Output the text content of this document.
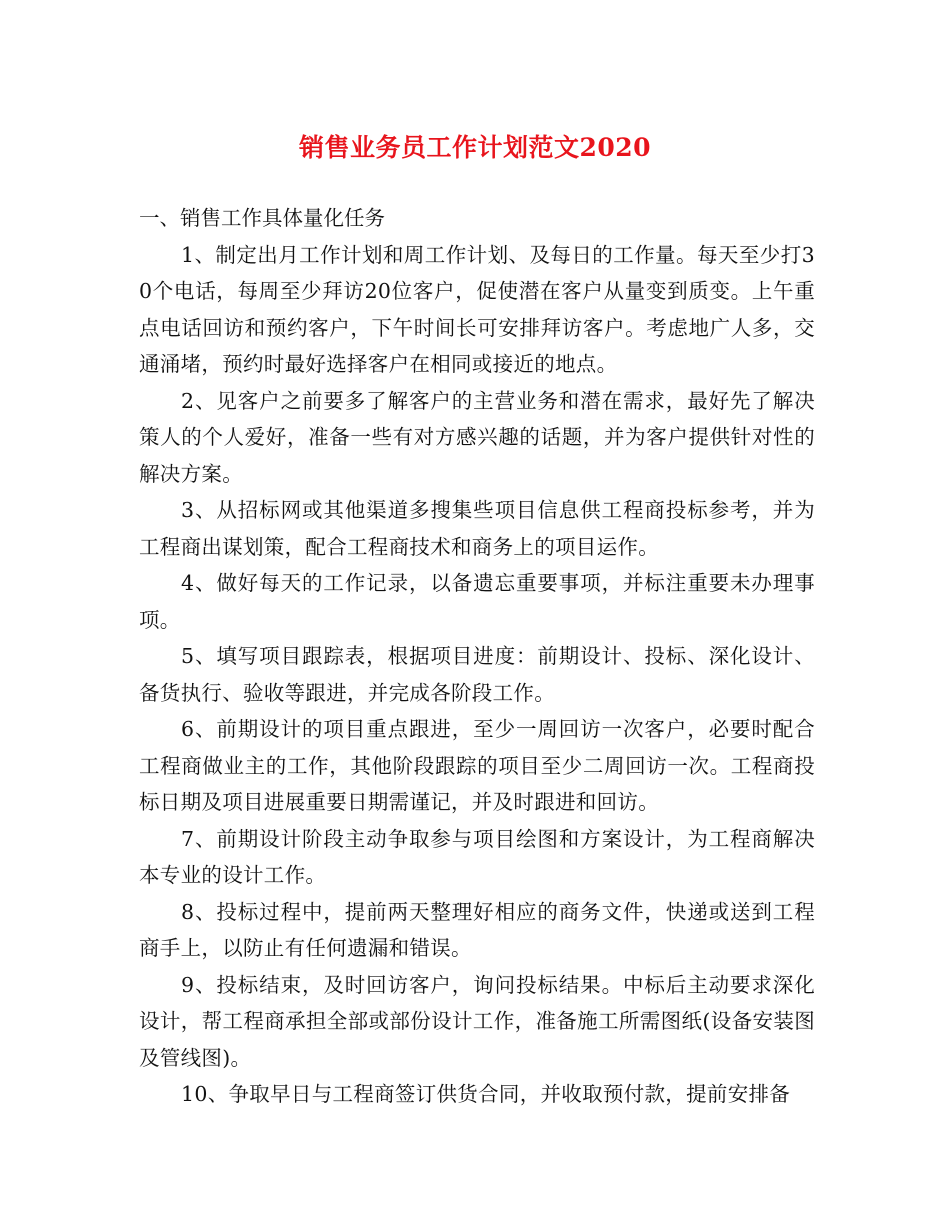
销售业务员工作计划范文2020

一、销售工作具体量化任务

1、制定出月工作计划和周工作计划、及每日的工作量。每天至少打30个电话，每周至少拜访20位客户，促使潜在客户从量变到质变。上午重点电话回访和预约客户，下午时间长可安排拜访客户。考虑地广人多，交通涌堵，预约时最好选择客户在相同或接近的地点。

2、见客户之前要多了解客户的主营业务和潜在需求，最好先了解决策人的个人爱好，准备一些有对方感兴趣的话题，并为客户提供针对性的解决方案。

3、从招标网或其他渠道多搜集些项目信息供工程商投标参考，并为工程商出谋划策，配合工程商技术和商务上的项目运作。

4、做好每天的工作记录，以备遗忘重要事项，并标注重要未办理事项。

5、填写项目跟踪表，根据项目进度：前期设计、投标、深化设计、备货执行、验收等跟进，并完成各阶段工作。

6、前期设计的项目重点跟进，至少一周回访一次客户，必要时配合工程商做业主的工作，其他阶段跟踪的项目至少二周回访一次。工程商投标日期及项目进展重要日期需谨记，并及时跟进和回访。

7、前期设计阶段主动争取参与项目绘图和方案设计，为工程商解决本专业的设计工作。

8、投标过程中，提前两天整理好相应的商务文件，快递或送到工程商手上，以防止有任何遗漏和错误。

9、投标结束，及时回访客户，询问投标结果。中标后主动要求深化设计，帮工程商承担全部或部份设计工作，准备施工所需图纸(设备安装图及管线图)。

10、争取早日与工程商签订供货合同，并收取预付款，提前安排备
